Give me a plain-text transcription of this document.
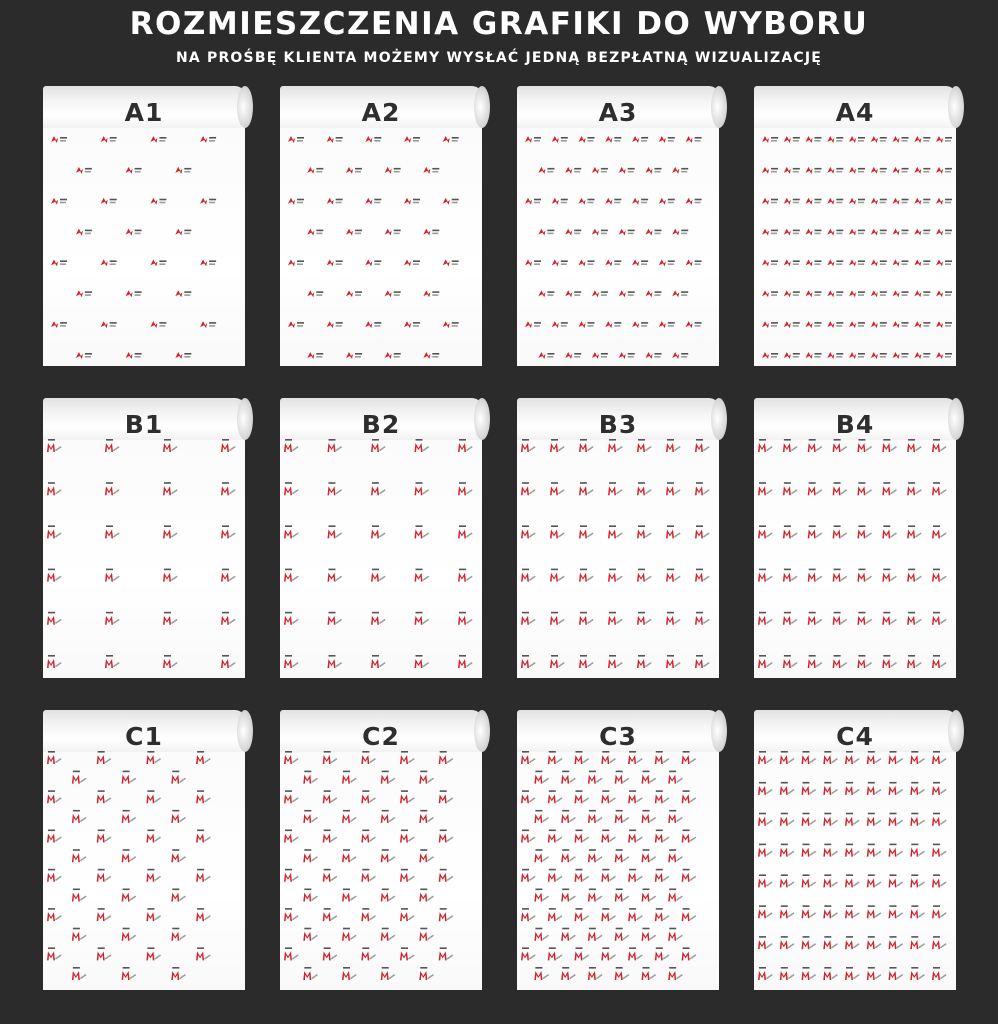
ROZMIESZCZENIA GRAFIKI DO WYBORU
NA PROŚBĘ KLIENTA MOŻEMY WYSŁAĆ JEDNĄ BEZPŁATNĄ WIZUALIZACJĘ
A1	A2	A3	A4
B1	B2	B3	B4
C1	C2	C3	C4
